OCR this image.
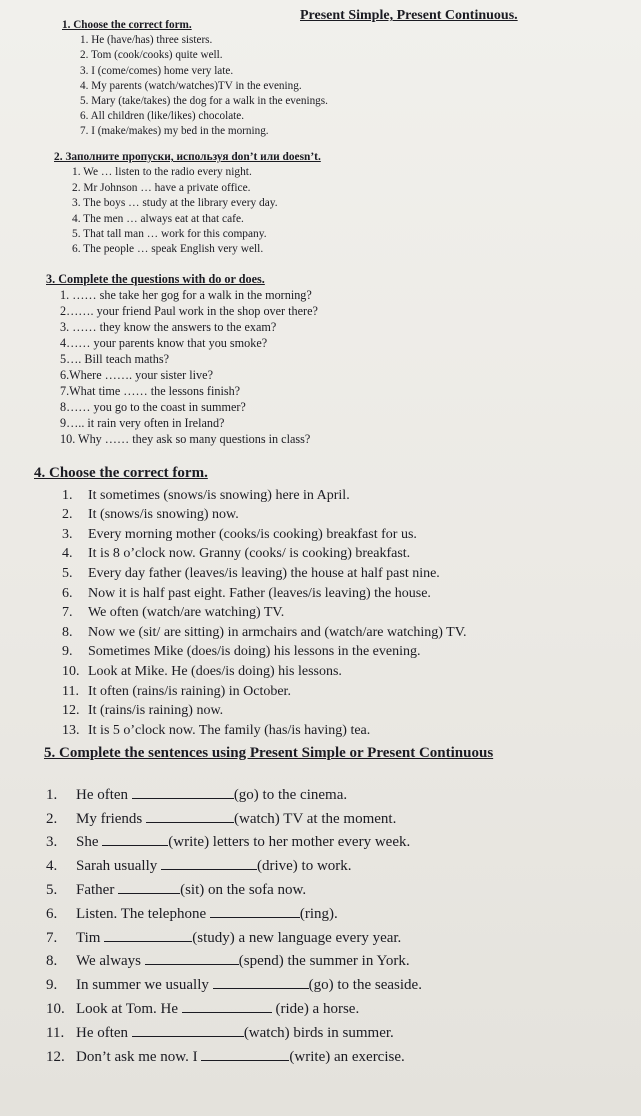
Present Simple, Present Continuous.
1. Choose the correct form.
1. He (have/has) three sisters.
2. Tom (cook/cooks) quite well.
3. I (come/comes) home very late.
4. My parents (watch/watches)TV in the evening.
5. Mary (take/takes) the dog for a walk in the evenings.
6. All children (like/likes) chocolate.
7. I (make/makes) my bed in the morning.
2. Заполните пропуски, используя don’t или doesn’t.
1. We … listen to the radio every night.
2. Mr Johnson … have a private office.
3. The boys … study at the library every day.
4. The men … always eat at that cafe.
5. That tall man … work for this company.
6. The people … speak English very well.
3. Complete the questions with do or does.
1. …… she take her gog for a walk in the morning?
2……. your friend Paul work in the shop over there?
3. …… they know the answers to the exam?
4…… your parents know that you smoke?
5…. Bill teach maths?
6.Where ……. your sister live?
7.What time …… the lessons finish?
8…… you go to the coast in summer?
9….. it rain very often in Ireland?
10. Why …… they ask so many questions in class?
4. Choose the correct form.
1. It sometimes (snows/is snowing) here in April.
2. It (snows/is snowing) now.
3. Every morning mother (cooks/is cooking) breakfast for us.
4. It is 8 o’clock now. Granny (cooks/ is cooking) breakfast.
5. Every day father (leaves/is leaving) the house at half past nine.
6. Now it is half past eight. Father (leaves/is leaving) the house.
7. We often (watch/are watching) TV.
8. Now we (sit/ are sitting) in armchairs and (watch/are watching) TV.
9. Sometimes Mike (does/is doing) his lessons in the evening.
10. Look at Mike. He (does/is doing) his lessons.
11. It often (rains/is raining) in October.
12. It (rains/is raining) now.
13. It is 5 o’clock now. The family (has/is having) tea.
5. Complete the sentences using Present Simple or Present Continuous
1. He often	(go) to the cinema.
2. My friends	(watch) TV at the moment.
3. She	(write) letters to her mother every week.
4. Sarah usually	(drive) to work.
5. Father	(sit) on the sofa now.
6. Listen. The telephone	(ring).
7. Tim	(study) a new language every year.
8. We always	(spend) the summer in York.
9. In summer we usually	(go) to the seaside.
10. Look at Tom. He	(ride) a horse.
11. He often	(watch) birds in summer.
12. Don’t ask me now. I	(write) an exercise.
